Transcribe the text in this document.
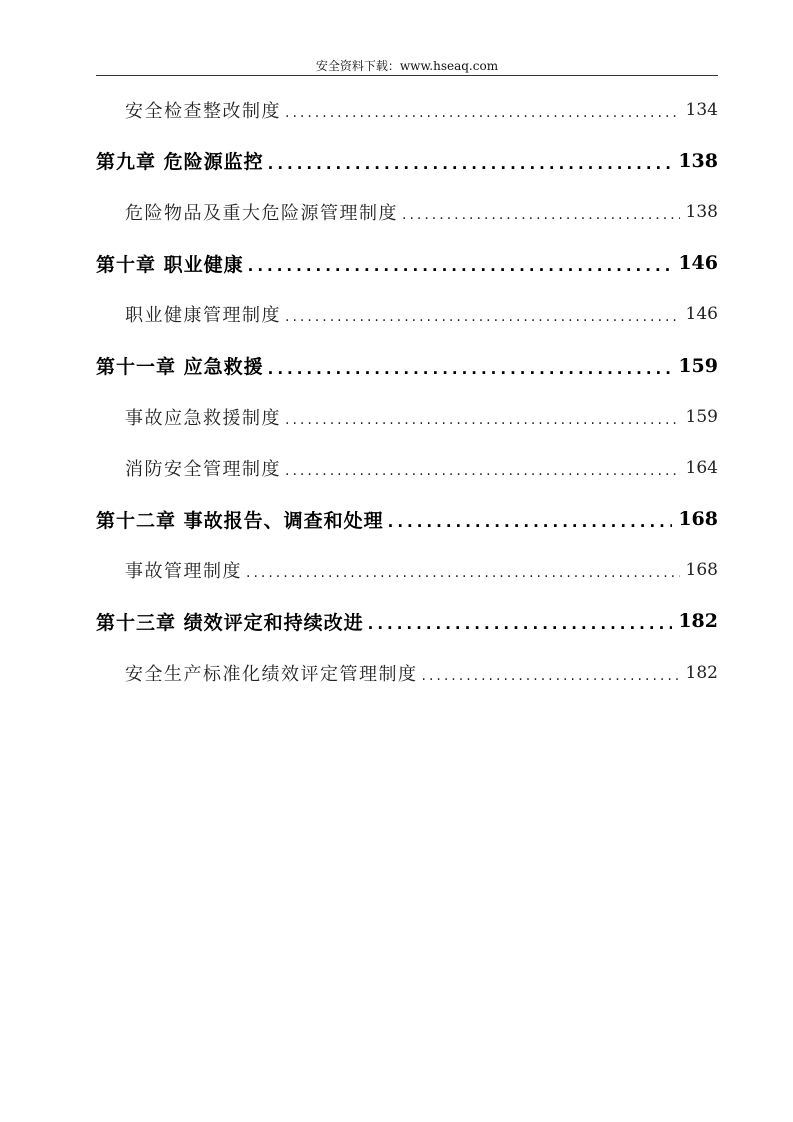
安全资料下载：www.hseaq.com
安全检查整改制度 .....	134
第九章 危险源监控 .....	138
危险物品及重大危险源管理制度 .....	138
第十章 职业健康 .....	146
职业健康管理制度 .....	146
第十一章 应急救援 .....	159
事故应急救援制度 .....	159
消防安全管理制度 .....	164
第十二章 事故报告、调查和处理 .....	168
事故管理制度 .....	168
第十三章 绩效评定和持续改进 .....	182
安全生产标准化绩效评定管理制度 .....	182
